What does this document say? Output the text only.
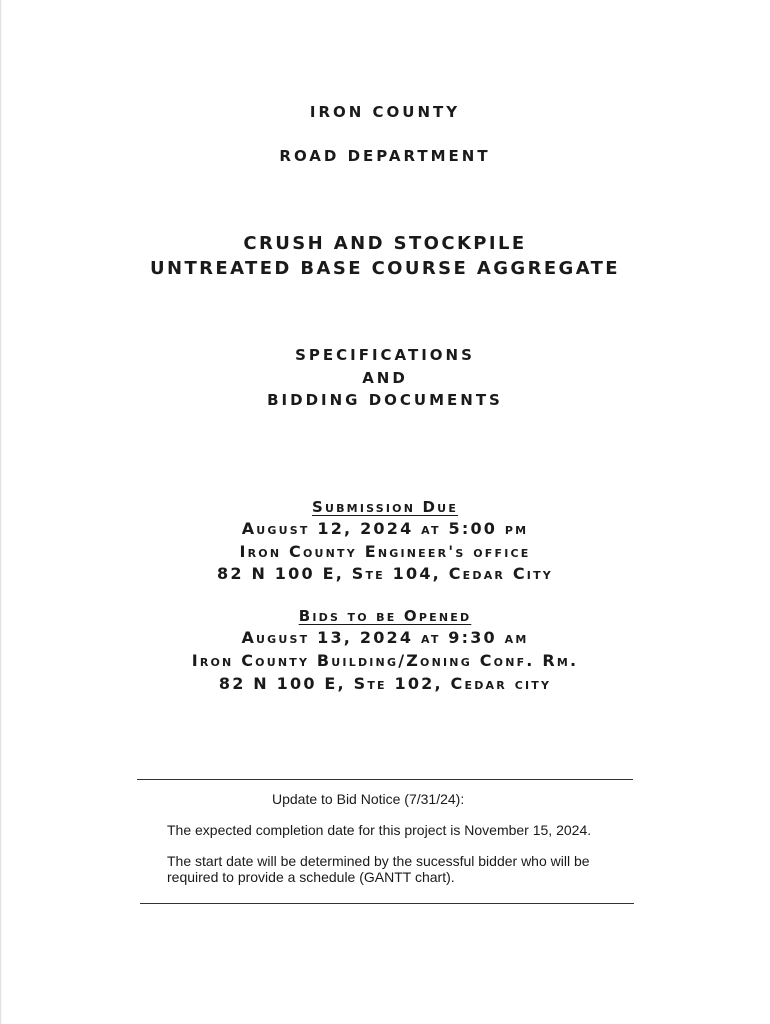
IRON COUNTY
ROAD DEPARTMENT
CRUSH AND STOCKPILE
UNTREATED BASE COURSE AGGREGATE
SPECIFICATIONS
AND
BIDDING DOCUMENTS
Submission Due
August 12, 2024 at 5:00 pm
Iron County Engineer's office
82 N 100 E, Ste 104, Cedar City
Bids to be Opened
August 13, 2024 at 9:30 am
Iron County Building/Zoning Conf. Rm.
82 N 100 E, Ste 102, Cedar city
Update to Bid Notice (7/31/24):
The expected completion date for this project is November 15, 2024.
The start date will be determined by the sucessful bidder who will be
required to provide a schedule (GANTT chart).
